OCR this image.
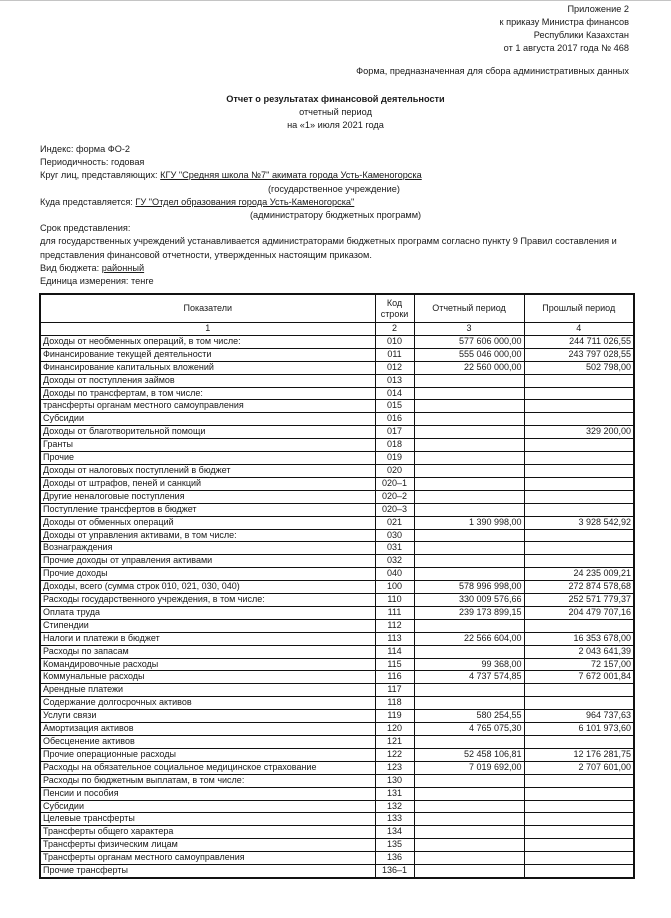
Приложение 2
к приказу Министра финансов
Республики Казахстан
от 1 августа 2017 года № 468
Форма, предназначенная для сбора административных данных
Отчет о результатах финансовой деятельности
отчетный период
на «1» июля 2021 года
Индекс: форма ФО-2
Периодичность: годовая
Круг лиц, представляющих: КГУ "Средняя школа №7" акимата города Усть-Каменогорска
(государственное учреждение)
Куда представляется: ГУ "Отдел образования города Усть-Каменогорска"
(администратору бюджетных программ)
Срок представления:
для государственных учреждений устанавливается администраторами бюджетных программ согласно пункту 9 Правил составления и представления финансовой отчетности, утвержденных настоящим приказом.
Вид бюджета: районный
Единица измерения: тенге
Показатели	Код строки	Отчетный период	Прошлый период
1	2	3	4
Доходы от необменных операций, в том числе:	010	577 606 000,00	244 711 026,55
Финансирование текущей деятельности	011	555 046 000,00	243 797 028,55
Финансирование капитальных вложений	012	22 560 000,00	502 798,00
Доходы от поступления займов	013		
Доходы по трансфертам, в том числе:	014		
трансферты органам местного самоуправления	015		
Субсидии	016		
Доходы от благотворительной помощи	017		329 200,00
Гранты	018		
Прочие	019		
Доходы от налоговых поступлений в бюджет	020		
Доходы от штрафов, пеней и санкций	020–1		
Другие неналоговые поступления	020–2		
Поступление трансфертов в бюджет	020–3		
Доходы от обменных операций	021	1 390 998,00	3 928 542,92
Доходы от управления активами, в том числе:	030		
Вознаграждения	031		
Прочие доходы от управления активами	032		
Прочие доходы	040		24 235 009,21
Доходы, всего (сумма строк 010, 021, 030, 040)	100	578 996 998,00	272 874 578,68
Расходы государственного учреждения, в том числе:	110	330 009 576,66	252 571 779,37
Оплата труда	111	239 173 899,15	204 479 707,16
Стипендии	112		
Налоги и платежи в бюджет	113	22 566 604,00	16 353 678,00
Расходы по запасам	114		2 043 641,39
Командировочные расходы	115	99 368,00	72 157,00
Коммунальные расходы	116	4 737 574,85	7 672 001,84
Арендные платежи	117		
Содержание долгосрочных активов	118		
Услуги связи	119	580 254,55	964 737,63
Амортизация активов	120	4 765 075,30	6 101 973,60
Обесценение активов	121		
Прочие операционные расходы	122	52 458 106,81	12 176 281,75
Расходы на обязательное социальное медицинское страхование	123	7 019 692,00	2 707 601,00
Расходы по бюджетным выплатам, в том числе:	130		
Пенсии и пособия	131		
Субсидии	132		
Целевые трансферты	133		
Трансферты общего характера	134		
Трансферты физическим лицам	135		
Трансферты органам местного самоуправления	136		
Прочие трансферты	136–1		
